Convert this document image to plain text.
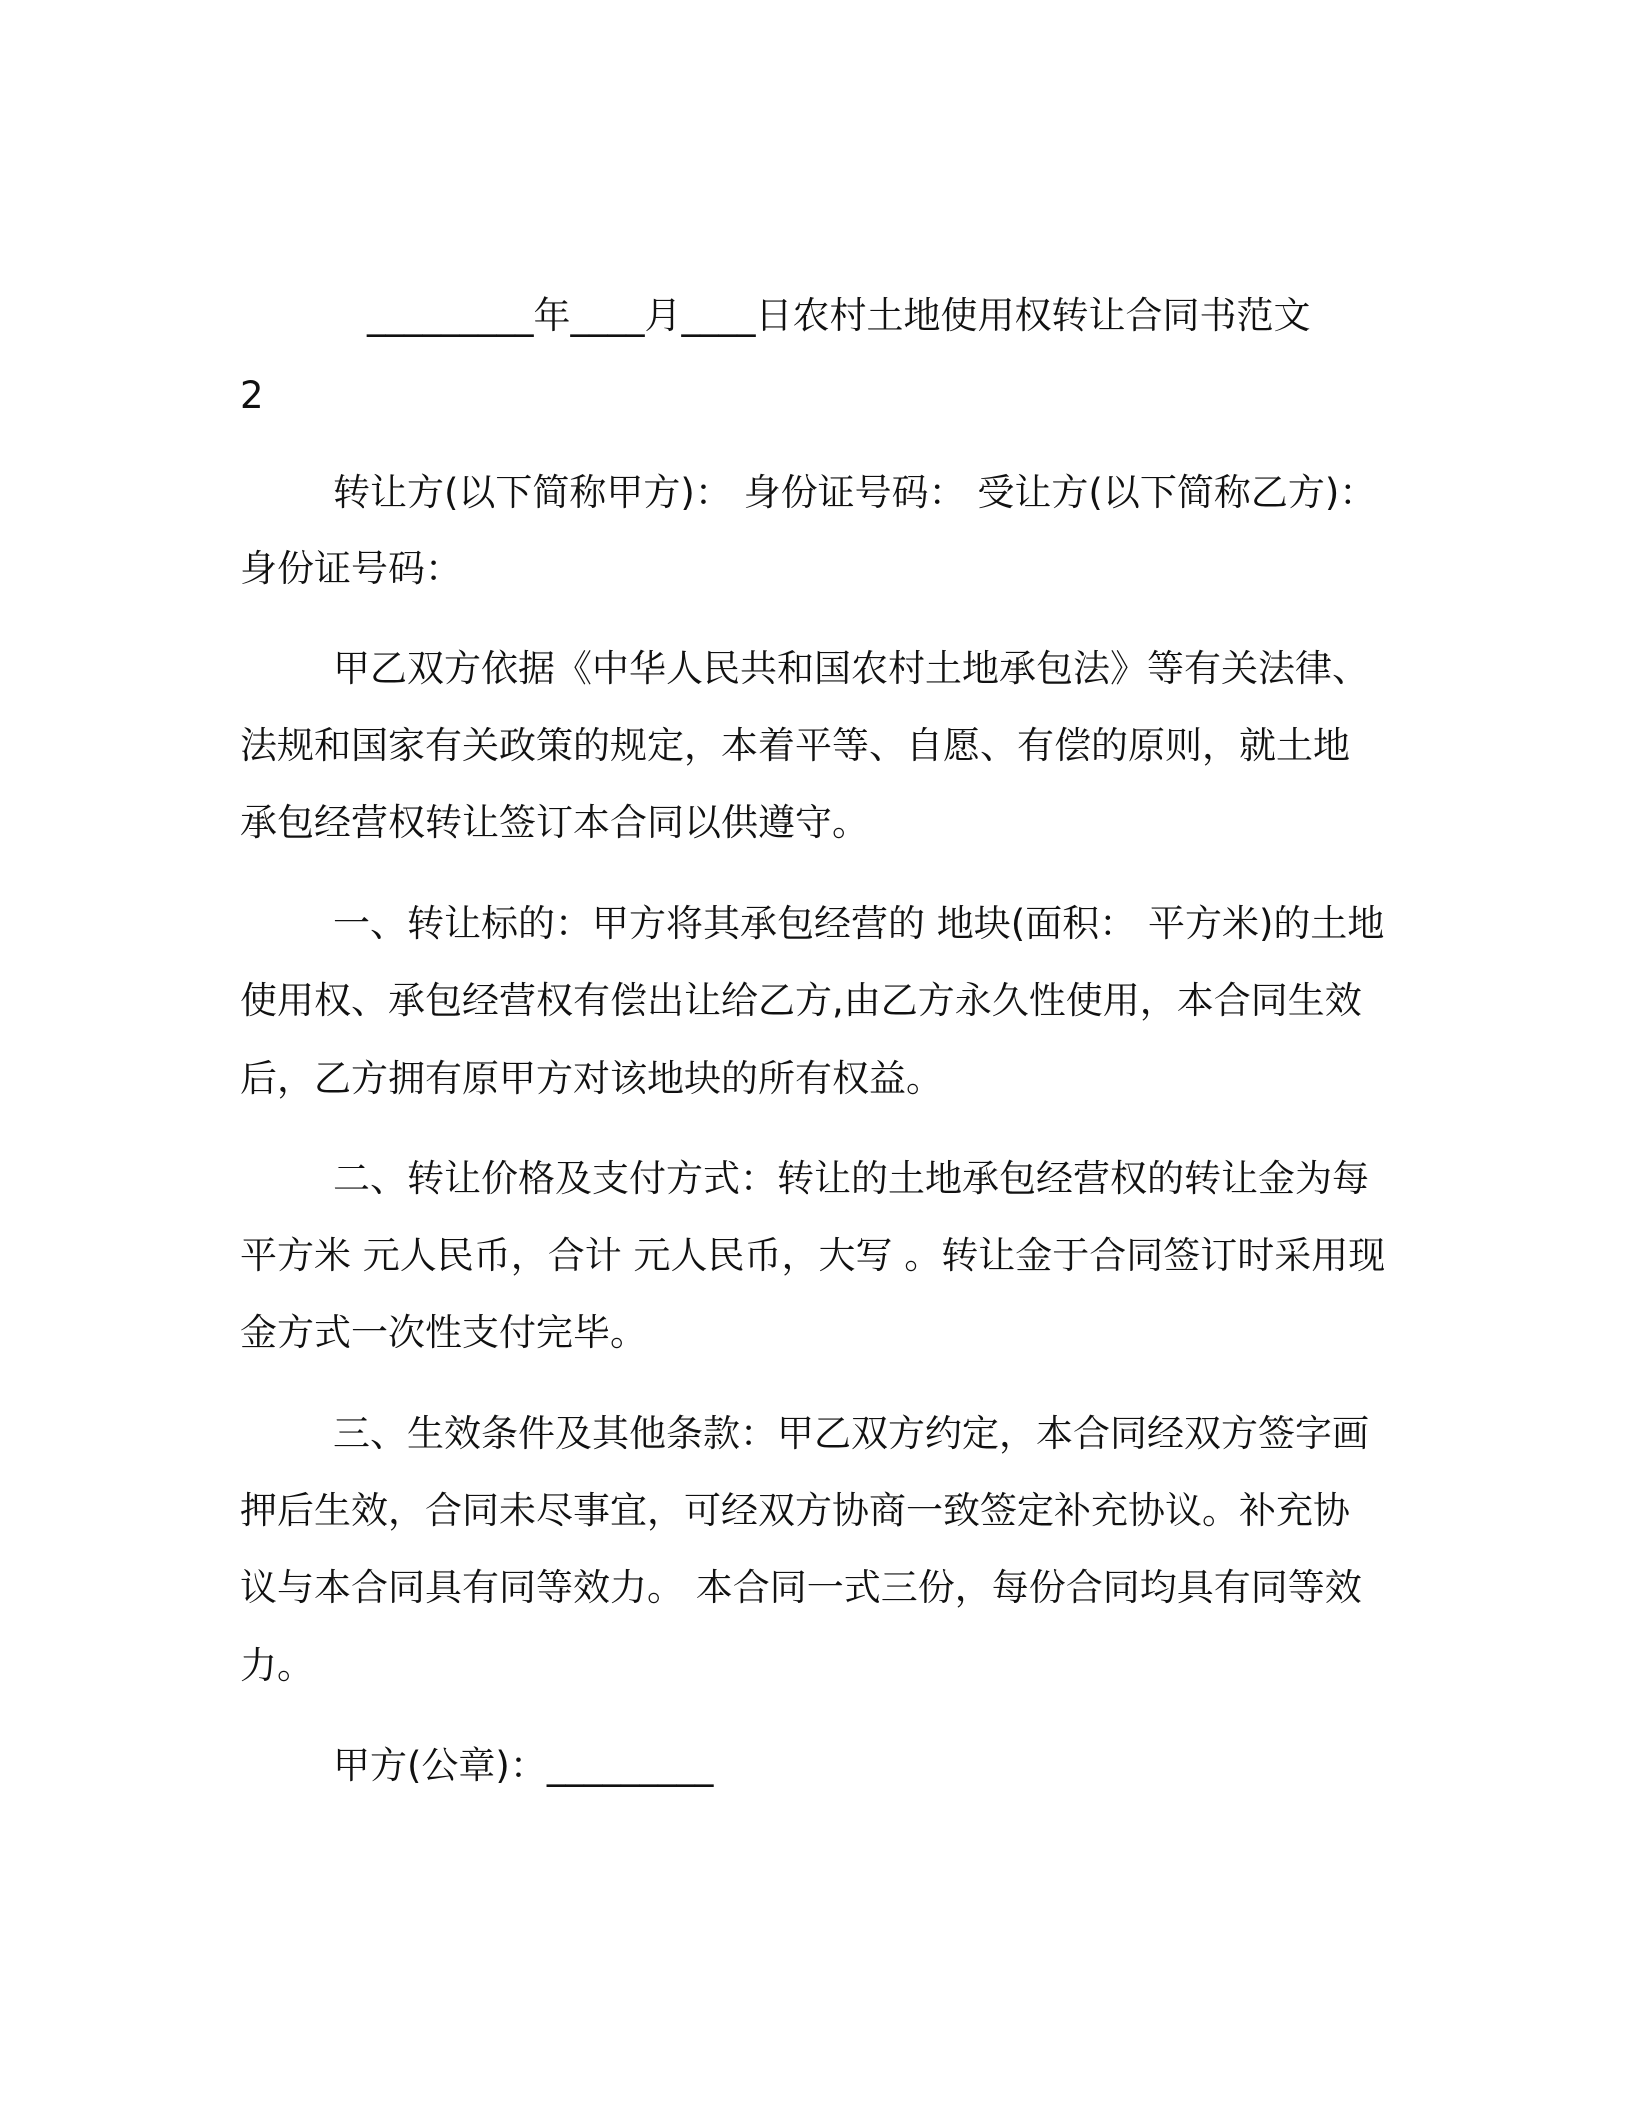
_________年____月____日农村土地使用权转让合同书范文
2
转让方(以下简称甲方)： 身份证号码： 受让方(以下简称乙方)：
身份证号码：
甲乙双方依据《中华人民共和国农村土地承包法》等有关法律、
法规和国家有关政策的规定，本着平等、自愿、有偿的原则，就土地
承包经营权转让签订本合同以供遵守。
一、转让标的：甲方将其承包经营的 地块(面积： 平方米)的土地
使用权、承包经营权有偿出让给乙方,由乙方永久性使用，本合同生效
后，乙方拥有原甲方对该地块的所有权益。
二、转让价格及支付方式：转让的土地承包经营权的转让金为每
平方米 元人民币，合计 元人民币，大写 。转让金于合同签订时采用现
金方式一次性支付完毕。
三、生效条件及其他条款：甲乙双方约定，本合同经双方签字画
押后生效，合同未尽事宜，可经双方协商一致签定补充协议。补充协
议与本合同具有同等效力。 本合同一式三份，每份合同均具有同等效
力。
甲方(公章)：_________
